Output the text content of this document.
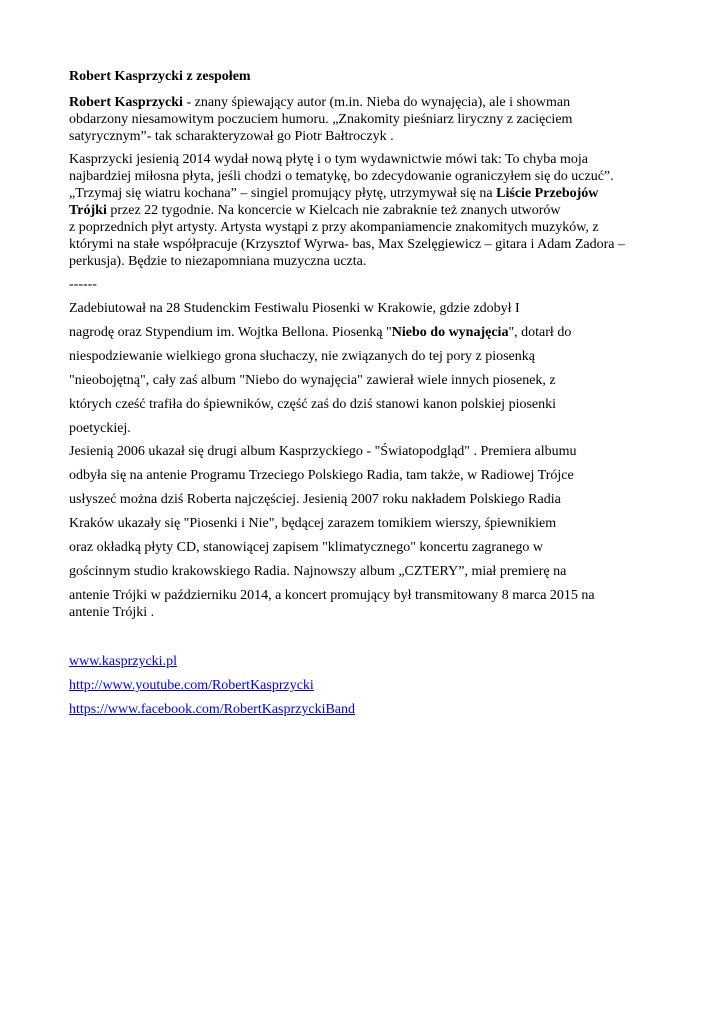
Robert Kasprzycki z zespołem
Robert Kasprzycki - znany śpiewający autor (m.in. Nieba do wynajęcia), ale i showman
obdarzony niesamowitym poczuciem humoru. „Znakomity pieśniarz liryczny z zacięciem
satyrycznym”- tak scharakteryzował go Piotr Bałtroczyk .
Kasprzycki jesienią 2014 wydał nową płytę i o tym wydawnictwie mówi tak: To chyba moja
najbardziej miłosna płyta, jeśli chodzi o tematykę, bo zdecydowanie ograniczyłem się do uczuć”.
„Trzymaj się wiatru kochana” – singiel promujący płytę, utrzymywał się na Liście Przebojów
Trójki przez 22 tygodnie. Na koncercie w Kielcach nie zabraknie też znanych utworów
z poprzednich płyt artysty. Artysta wystąpi z przy akompaniamencie znakomitych muzyków, z
którymi na stałe współpracuje (Krzysztof Wyrwa- bas, Max Szelęgiewicz – gitara i Adam Zadora –
perkusja). Będzie to niezapomniana muzyczna uczta.
------
Zadebiutował na 28 Studenckim Festiwalu Piosenki w Krakowie, gdzie zdobył I
nagrodę oraz Stypendium im. Wojtka Bellona. Piosenką "Niebo do wynajęcia", dotarł do
niespodziewanie wielkiego grona słuchaczy, nie związanych do tej pory z piosenką
"nieobojętną", cały zaś album "Niebo do wynajęcia" zawierał wiele innych piosenek, z
których cześć trafiła do śpiewników, część zaś do dziś stanowi kanon polskiej piosenki
poetyckiej.
Jesienią 2006 ukazał się drugi album Kasprzyckiego - "Światopodgląd" . Premiera albumu
odbyła się na antenie Programu Trzeciego Polskiego Radia, tam także, w Radiowej Trójce
usłyszeć można dziś Roberta najczęściej. Jesienią 2007 roku nakładem Polskiego Radia
Kraków ukazały się "Piosenki i Nie", będącej zarazem tomikiem wierszy, śpiewnikiem
oraz okładką płyty CD, stanowiącej zapisem "klimatycznego" koncertu zagranego w
gościnnym studio krakowskiego Radia. Najnowszy album „CZTERY”, miał premierę na
antenie Trójki w październiku 2014, a koncert promujący był transmitowany 8 marca 2015 na
antenie Trójki .
www.kasprzycki.pl
http://www.youtube.com/RobertKasprzycki
https://www.facebook.com/RobertKasprzyckiBand
